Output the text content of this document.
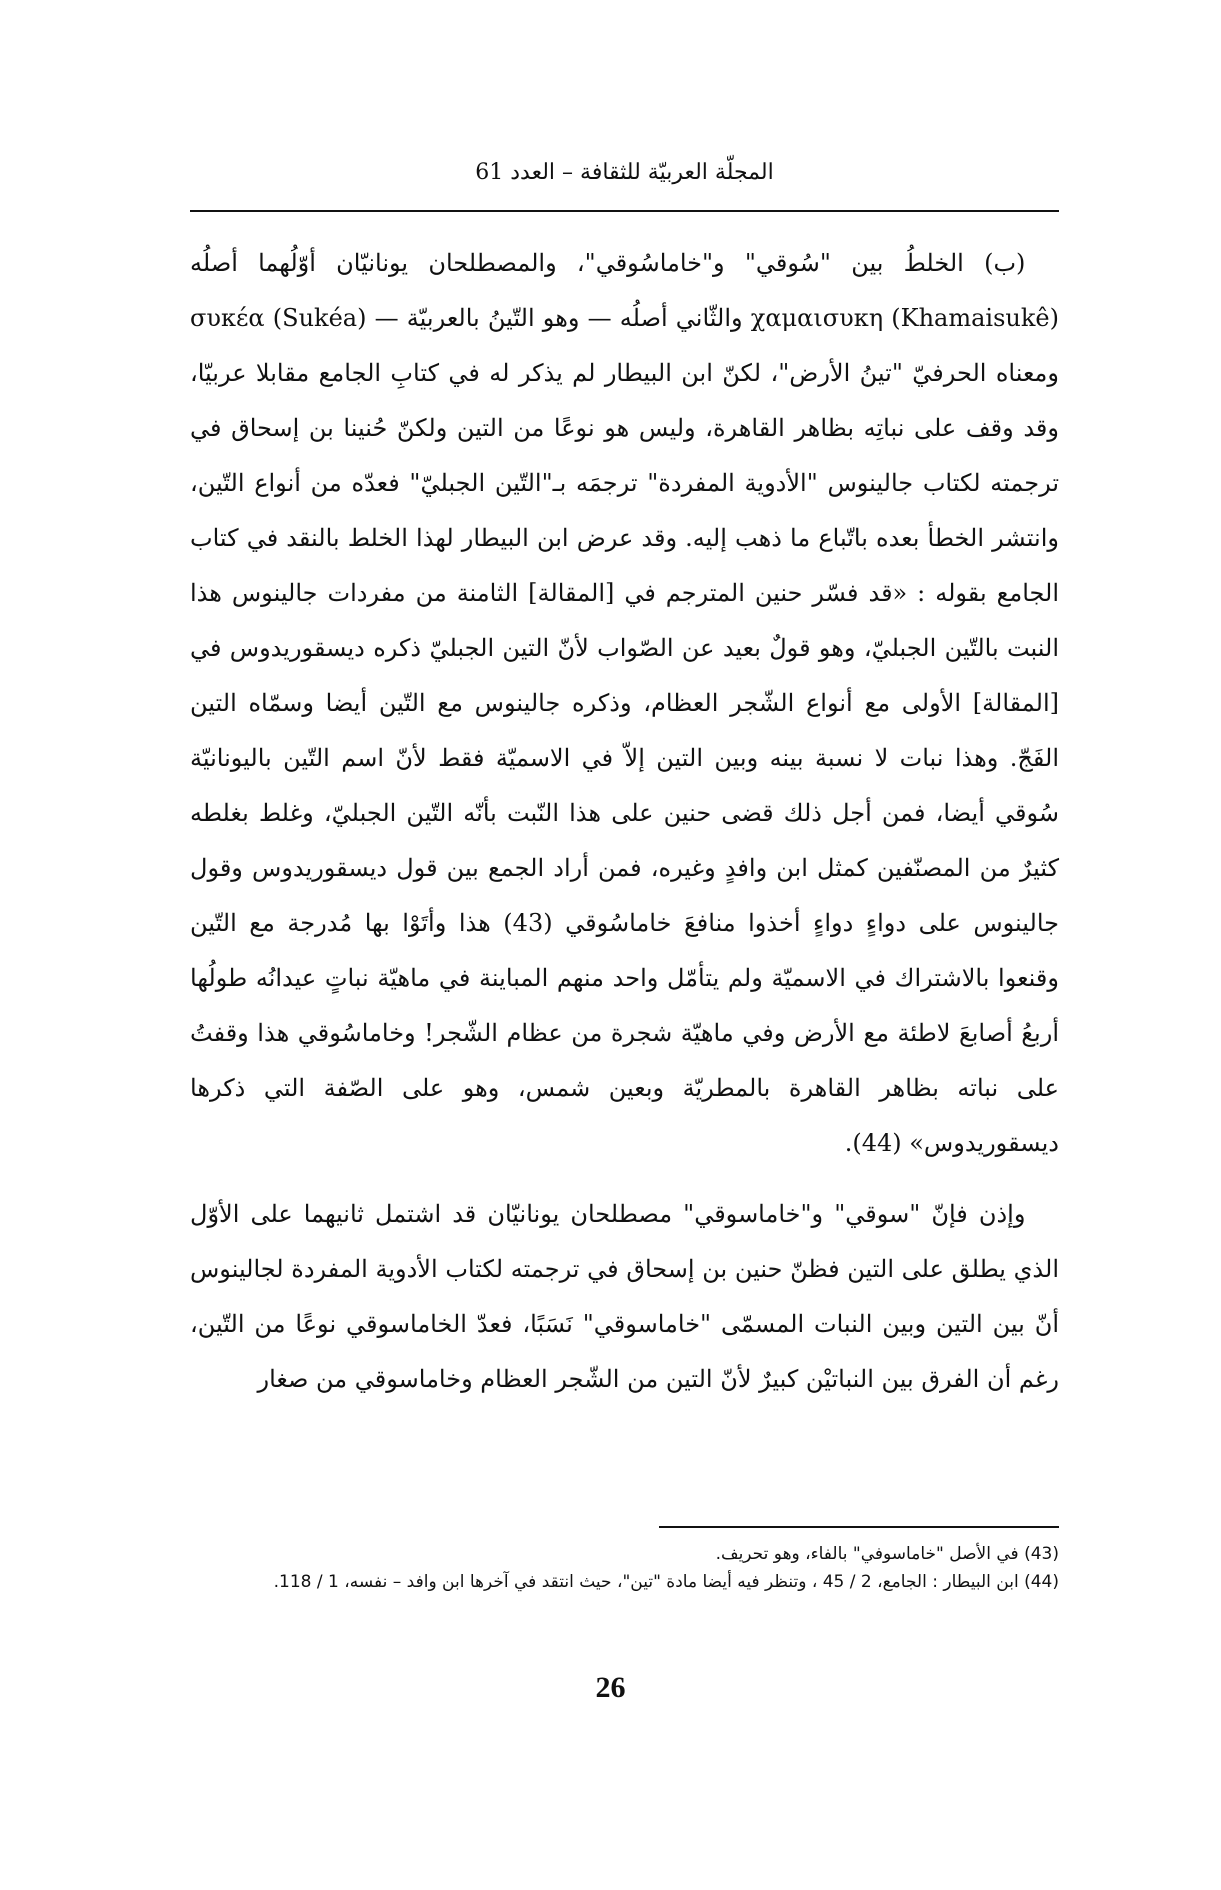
المجلّة العربيّة للثقافة – العدد 61

(ب) الخلطُ بين "سُوقي" و"خاماسُوقي"، والمصطلحان يونانيّان أوّلُهما أصلُه (Khamaisukê) χαμαισυκη والثّاني أصلُه — وهو التّينُ بالعربيّة — (Sukéa) συκέα ومعناه الحرفيّ "تينُ الأرض"، لكنّ ابن البيطار لم يذكر له في كتابِ الجامع مقابلا عربيّا، وقد وقف على نباتِه بظاهر القاهرة، وليس هو نوعًا من التين ولكنّ حُنينا بن إسحاق في ترجمته لكتاب جالينوس "الأدوية المفردة" ترجمَه بـ"التّين الجبليّ" فعدّه من أنواع التّين، وانتشر الخطأ بعده باتّباع ما ذهب إليه. وقد عرض ابن البيطار لهذا الخلط بالنقد في كتاب الجامع بقوله : «قد فسّر حنين المترجم في [المقالة] الثامنة من مفردات جالينوس هذا النبت بالتّين الجبليّ، وهو قولٌ بعيد عن الصّواب لأنّ التين الجبليّ ذكره ديسقوريدوس في [المقالة] الأولى مع أنواع الشّجر العظام، وذكره جالينوس مع التّين أيضا وسمّاه التين الفَجّ. وهذا نبات لا نسبة بينه وبين التين إلاّ في الاسميّة فقط لأنّ اسم التّين باليونانيّة سُوقي أيضا، فمن أجل ذلك قضى حنين على هذا النّبت بأنّه التّين الجبليّ، وغلط بغلطه كثيرٌ من المصنّفين كمثل ابن وافدٍ وغيره، فمن أراد الجمع بين قول ديسقوريدوس وقول جالينوس على دواءٍ دواءٍ أخذوا منافعَ خاماسُوقي (43) هذا وأتَوْا بها مُدرجة مع التّين وقنعوا بالاشتراك في الاسميّة ولم يتأمّل واحد منهم المباينة في ماهيّة نباتٍ عيدانُه طولُها أربعُ أصابعَ لاطئة مع الأرض وفي ماهيّة شجرة من عظام الشّجر! وخاماسُوقي هذا وقفتُ على نباته بظاهر القاهرة بالمطريّة وبعين شمس، وهو على الصّفة التي ذكرها ديسقوريدوس» (44).

وإذن فإنّ "سوقي" و"خاماسوقي" مصطلحان يونانيّان قد اشتمل ثانيهما على الأوّل الذي يطلق على التين فظنّ حنين بن إسحاق في ترجمته لكتاب الأدوية المفردة لجالينوس أنّ بين التين وبين النبات المسمّى "خاماسوقي" نَسَبًا، فعدّ الخاماسوقي نوعًا من التّين، رغم أن الفرق بين النباتيْن كبيرٌ لأنّ التين من الشّجر العظام وخاماسوقي من صغار

(43) في الأصل "خاماسوفي" بالفاء، وهو تحريف.

(44) ابن البيطار : الجامع، 2 / 45 ، وتنظر فيه أيضا مادة "تين"، حيث انتقد في آخرها ابن وافد – نفسه، 1 / 118.

26
